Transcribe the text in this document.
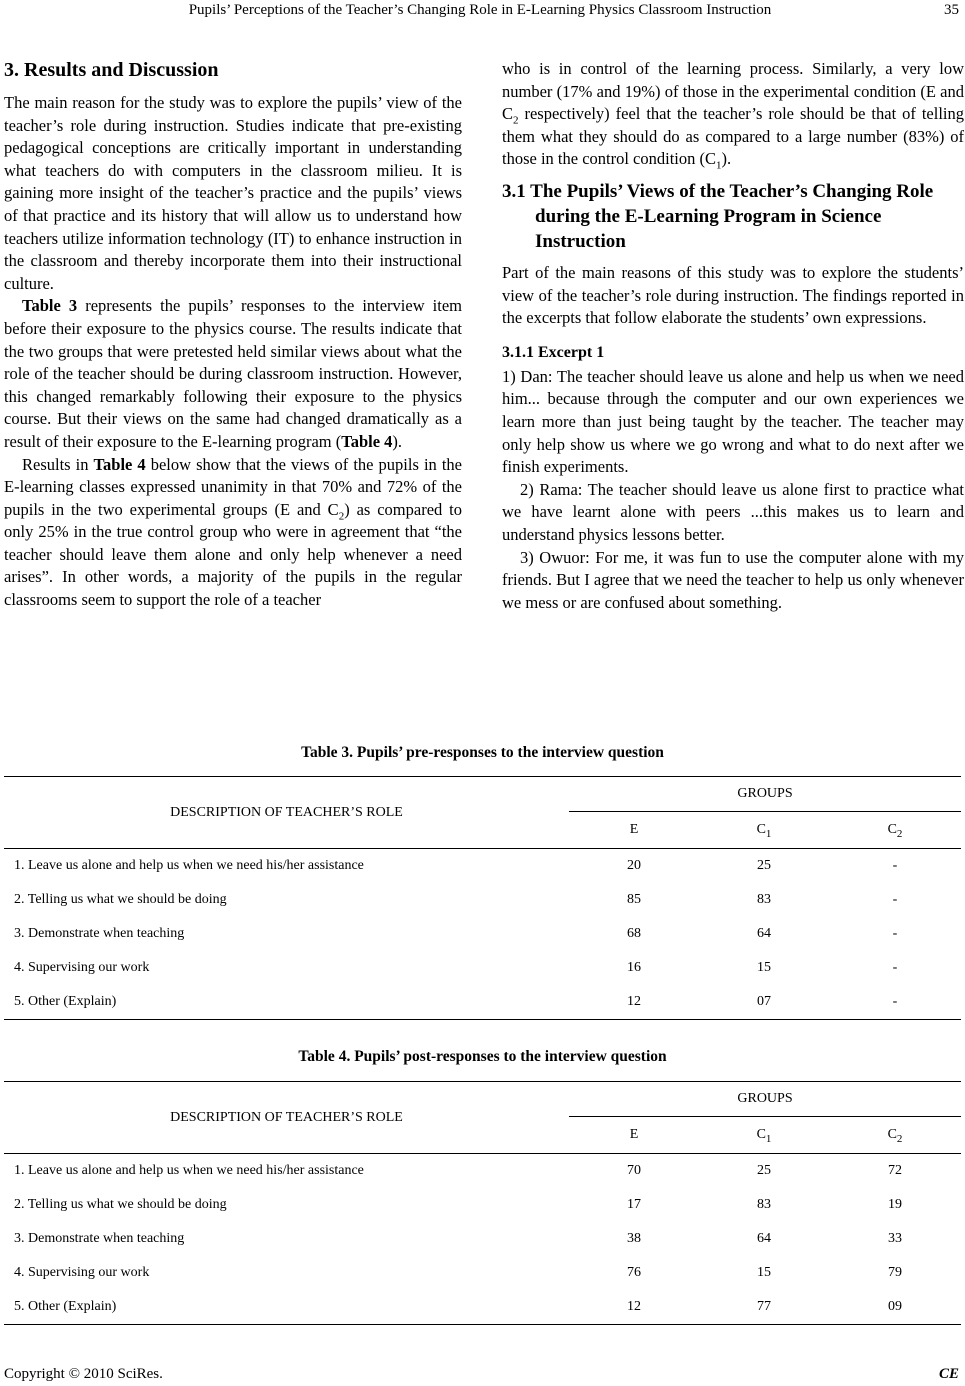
Pupils’ Perceptions of the Teacher’s Changing Role in E-Learning Physics Classroom Instruction	35
3. Results and Discussion

The main reason for the study was to explore the pupils’ view of the teacher’s role during instruction. Studies indicate that pre-existing pedagogical conceptions are critically important in understanding what teachers do with computers in the classroom milieu. It is gaining more insight of the teacher’s practice and the pupils’ views of that practice and its history that will allow us to understand how teachers utilize information technology (IT) to enhance instruction in the classroom and thereby incorporate them into their instructional culture.

Table 3 represents the pupils’ responses to the interview item before their exposure to the physics course. The results indicate that the two groups that were pretested held similar views about what the role of the teacher should be during classroom instruction. However, this changed remarkably following their exposure to the physics course. But their views on the same had changed dramatically as a result of their exposure to the E-learning program (Table 4).

Results in Table 4 below show that the views of the pupils in the E-learning classes expressed unanimity in that 70% and 72% of the pupils in the two experimental groups (E and $C_2$) as compared to only 25% in the true control group who were in agreement that “the teacher should leave them alone and only help whenever a need arises”. In other words, a majority of the pupils in the regular classrooms seem to support the role of a teacher

who is in control of the learning process. Similarly, a very low number (17% and 19%) of those in the experimental condition (E and $C_2$ respectively) feel that the teacher’s role should be that of telling them what they should do as compared to a large number (83%) of those in the control condition $(C_1)$.

3.1 The Pupils’ Views of the Teacher’s Changing Role during the E-Learning Program in Science Instruction

Part of the main reasons of this study was to explore the students’ view of the teacher’s role during instruction. The findings reported in the excerpts that follow elaborate the students’ own expressions.

3.1.1 Excerpt 1

1) Dan: The teacher should leave us alone and help us when we need him... because through the computer and our own experiences we learn more than just being taught by the teacher. The teacher may only help show us where we go wrong and what to do next after we finish experiments.

2) Rama: The teacher should leave us alone first to practice what we have learnt alone with peers ...this makes us to learn and understand physics lessons better.

3) Owuor: For me, it was fun to use the computer alone with my friends. But I agree that we need the teacher to help us only whenever we mess or are confused about something.

Table 3. Pupils’ pre-responses to the interview question
DESCRIPTION OF TEACHER’S ROLE	GROUPS		
	E	$C_1$	$C_2$
1. Leave us alone and help us when we need his/her assistance	20	25	-
2. Telling us what we should be doing	85	83	-
3. Demonstrate when teaching	68	64	-
4. Supervising our work	16	15	-
5. Other (Explain)	12	07	-
Table 4. Pupils’ post-responses to the interview question
DESCRIPTION OF TEACHER’S ROLE	GROUPS		
	E	$C_1$	$C_2$
1. Leave us alone and help us when we need his/her assistance	70	25	72
2. Telling us what we should be doing	17	83	19
3. Demonstrate when teaching	38	64	33
4. Supervising our work	76	15	79
5. Other (Explain)	12	77	09
Copyright © 2010 SciRes.	CE
